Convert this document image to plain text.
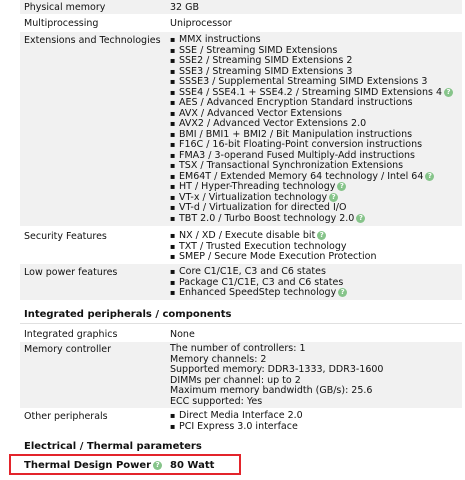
Physical memory	32 GB
Multiprocessing	Uniprocessor
Extensions and Technologies ▪ MMX instructions
▪ SSE / Streaming SIMD Extensions
▪ SSE2 / Streaming SIMD Extensions 2
▪ SSE3 / Streaming SIMD Extensions 3
▪ SSSE3 / Supplemental Streaming SIMD Extensions 3
▪ SSE4 / SSE4.1 + SSE4.2 / Streaming SIMD Extensions 4 ?
▪ AES / Advanced Encryption Standard instructions
▪ AVX / Advanced Vector Extensions
▪ AVX2 / Advanced Vector Extensions 2.0
▪ BMI / BMI1 + BMI2 / Bit Manipulation instructions
▪ F16C / 16-bit Floating-Point conversion instructions
▪ FMA3 / 3-operand Fused Multiply-Add instructions
▪ TSX / Transactional Synchronization Extensions
▪ EM64T / Extended Memory 64 technology / Intel 64 ?
▪ HT / Hyper-Threading technology ?
▪ VT-x / Virtualization technology ?
▪ VT-d / Virtualization for directed I/O
▪ TBT 2.0 / Turbo Boost technology 2.0 ?
Security Features	▪ NX / XD / Execute disable bit ?
▪ TXT / Trusted Execution technology
▪ SMEP / Secure Mode Execution Protection
Low power features	▪ Core C1/C1E, C3 and C6 states
▪ Package C1/C1E, C3 and C6 states
▪ Enhanced SpeedStep technology ?
Integrated peripherals / components
Integrated graphics	None
Memory controller	The number of controllers: 1
Memory channels: 2
Supported memory: DDR3-1333, DDR3-1600
DIMMs per channel: up to 2
Maximum memory bandwidth (GB/s): 25.6
ECC supported: Yes
Other peripherals	▪ Direct Media Interface 2.0
▪ PCI Express 3.0 interface
Electrical / Thermal parameters
Thermal Design Power ? 80 Watt
